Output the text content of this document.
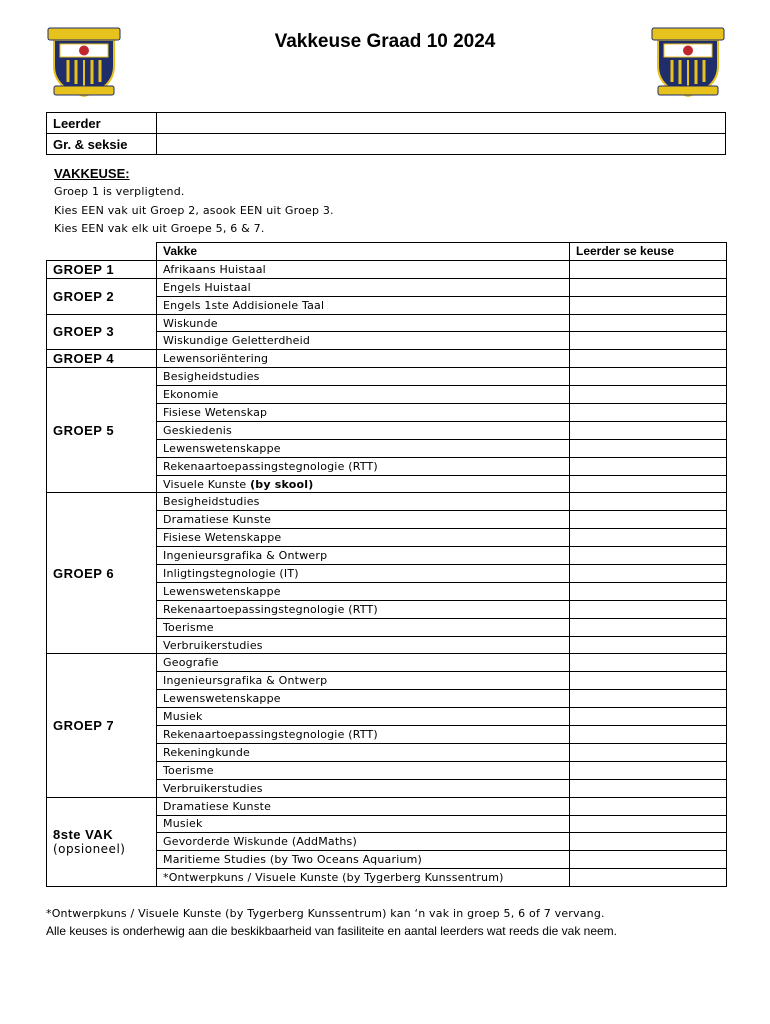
Vakkeuse Graad 10 2024
Leerder	
Gr. & seksie	
VAKKEUSE:
Groep 1 is verpligtend.
Kies EEN vak uit Groep 2, asook EEN uit Groep 3.
Kies EEN vak elk uit Groepe 5, 6 & 7.
	Vakke	Leerder se keuse

GROEP 1	Afrikaans Huistaal	

GROEP 2	Engels Huistaal	
	Engels 1ste Addisionele Taal	

GROEP 3	Wiskunde	
	Wiskundige Geletterdheid	

GROEP 4	Lewensoriëntering	

GROEP 5	Besigheidstudies	
	Ekonomie	
	Fisiese Wetenskap	
	Geskiedenis	
	Lewenswetenskappe	
	Rekenaartoepassingstegnologie (RTT)	
	Visuele Kunste (by skool)	

GROEP 6	Besigheidstudies	
	Dramatiese Kunste	
	Fisiese Wetenskappe	
	Ingenieursgrafika & Ontwerp	
	Inligtingstegnologie (IT)	
	Lewenswetenskappe	
	Rekenaartoepassingstegnologie (RTT)	
	Toerisme	
	Verbruikerstudies	

GROEP 7	Geografie	
	Ingenieursgrafika & Ontwerp	
	Lewenswetenskappe	
	Musiek	
	Rekenaartoepassingstegnologie (RTT)	
	Rekeningkunde	
	Toerisme	
	Verbruikerstudies	

8ste VAK
(opsioneel)	Dramatiese Kunste	
	Musiek	
	Gevorderde Wiskunde (AddMaths)	
	Maritieme Studies (by Two Oceans Aquarium)	
	*Ontwerpkuns / Visuele Kunste (by Tygerberg Kunssentrum)	
*Ontwerpkuns / Visuele Kunste (by Tygerberg Kunssentrum) kan ‘n vak in groep 5, 6 of 7 vervang.
Alle keuses is onderhewig aan die beskikbaarheid van fasiliteite en aantal leerders wat reeds die vak neem.
